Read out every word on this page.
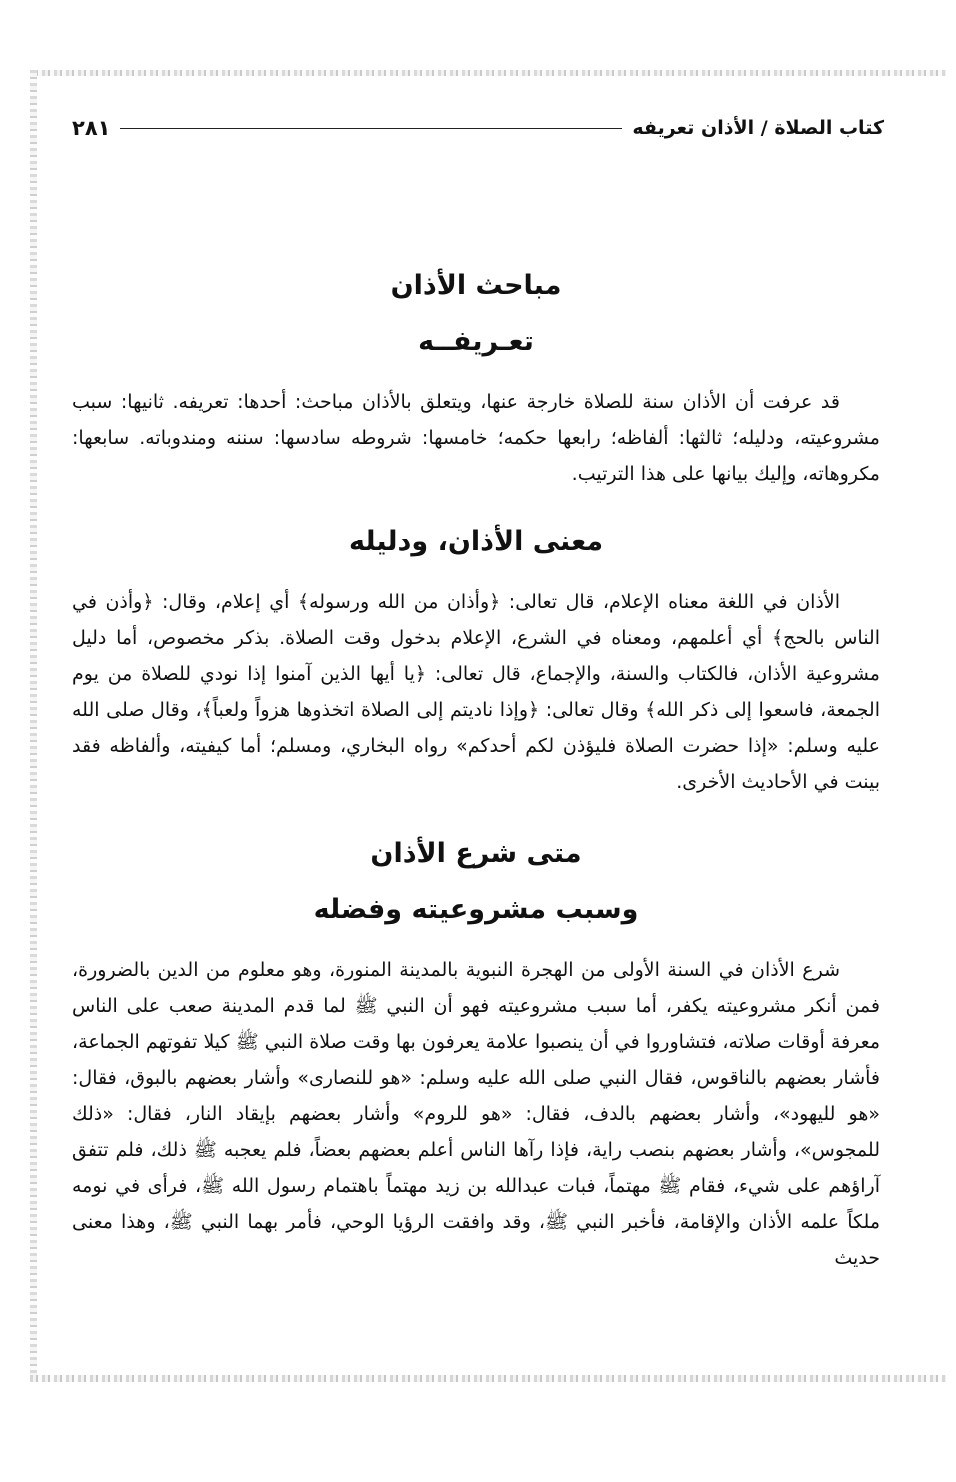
كتاب الصلاة / الأذان تعريفه
٢٨١
مباحث الأذان
تعـريفــه

قد عرفت أن الأذان سنة للصلاة خارجة عنها، ويتعلق بالأذان مباحث: أحدها: تعريفه. ثانيها: سبب مشروعيته، ودليله؛ ثالثها: ألفاظه؛ رابعها حكمه؛ خامسها: شروطه سادسها: سننه ومندوباته. سابعها: مكروهاته، وإليك بيانها على هذا الترتيب.

معنى الأذان، ودليله

الأذان في اللغة معناه الإعلام، قال تعالى: ﴿وأذان من الله ورسوله﴾ أي إعلام، وقال: ﴿وأذن في الناس بالحج﴾ أي أعلمهم، ومعناه في الشرع، الإعلام بدخول وقت الصلاة. بذكر مخصوص، أما دليل مشروعية الأذان، فالكتاب والسنة، والإجماع، قال تعالى: ﴿يا أيها الذين آمنوا إذا نودي للصلاة من يوم الجمعة، فاسعوا إلى ذكر الله﴾ وقال تعالى: ﴿وإذا ناديتم إلى الصلاة اتخذوها هزواً ولعباً﴾، وقال صلى الله عليه وسلم: «إذا حضرت الصلاة فليؤذن لكم أحدكم» رواه البخاري، ومسلم؛ أما كيفيته، وألفاظه فقد بينت في الأحاديث الأخرى.

متى شرع الأذان
وسبب مشروعيته وفضله

شرع الأذان في السنة الأولى من الهجرة النبوية بالمدينة المنورة، وهو معلوم من الدين بالضرورة، فمن أنكر مشروعيته يكفر، أما سبب مشروعيته فهو أن النبي ﷺ لما قدم المدينة صعب على الناس معرفة أوقات صلاته، فتشاوروا في أن ينصبوا علامة يعرفون بها وقت صلاة النبي ﷺ كيلا تفوتهم الجماعة، فأشار بعضهم بالناقوس، فقال النبي صلى الله عليه وسلم: «هو للنصارى» وأشار بعضهم بالبوق، فقال: «هو لليهود»، وأشار بعضهم بالدف، فقال: «هو للروم» وأشار بعضهم بإيقاد النار، فقال: «ذلك للمجوس»، وأشار بعضهم بنصب راية، فإذا رآها الناس أعلم بعضهم بعضاً، فلم يعجبه ﷺ ذلك، فلم تتفق آراؤهم على شيء، فقام ﷺ مهتماً، فبات عبدالله بن زيد مهتماً باهتمام رسول الله ﷺ، فرأى في نومه ملكاً علمه الأذان والإقامة، فأخبر النبي ﷺ، وقد وافقت الرؤيا الوحي، فأمر بهما النبي ﷺ، وهذا معنى حديث
